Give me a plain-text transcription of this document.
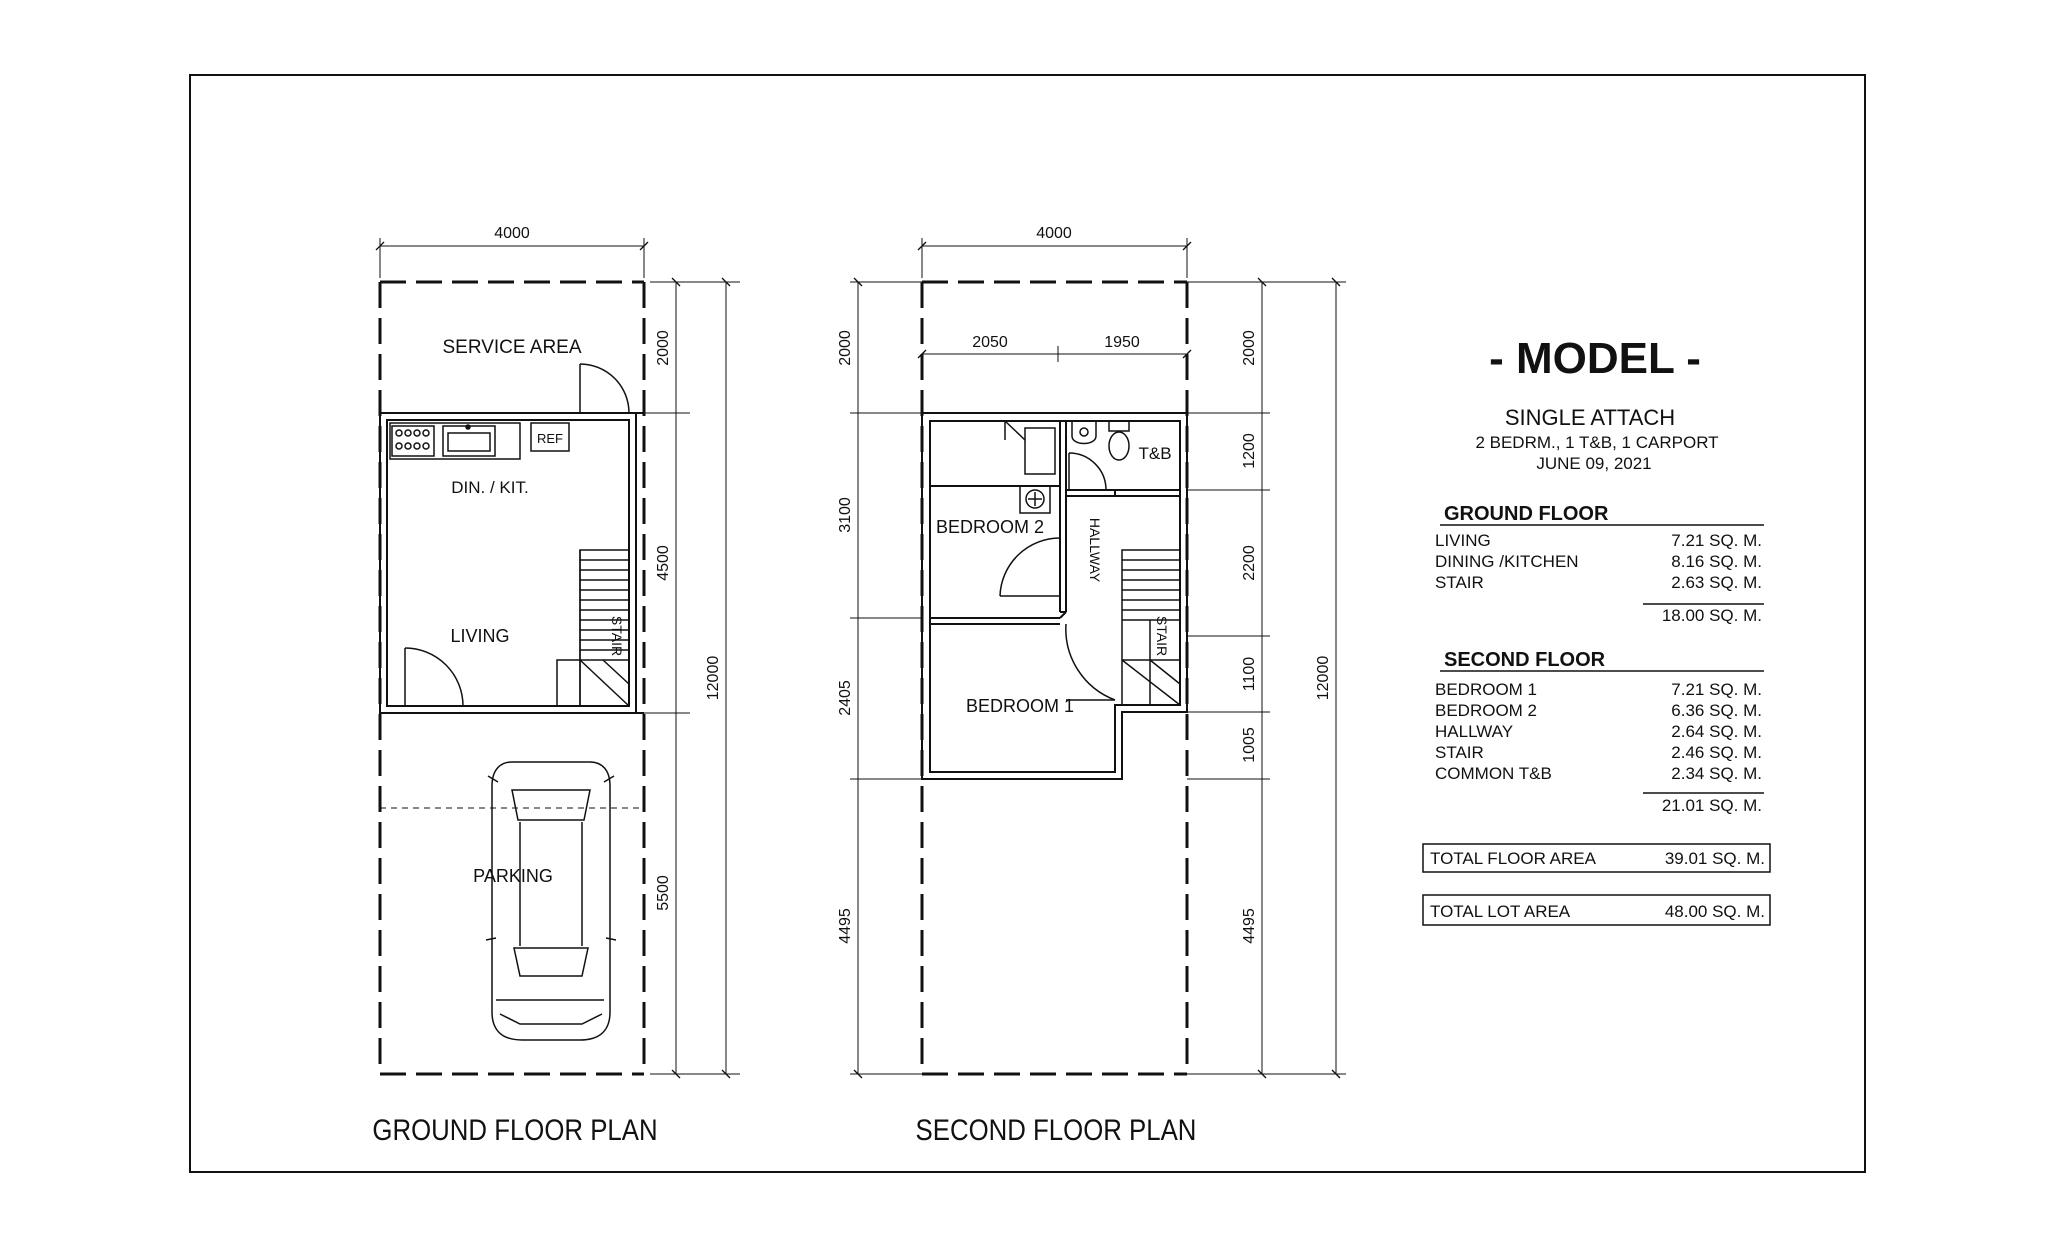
REF
STAIR
SERVICE AREA
DIN. / KIT.
LIVING
PARKING
4000
2000
4500
5500
12000
GROUND FLOOR PLAN
STAIR
T&B
BEDROOM 2	HALLWAY
BEDROOM 1
4000
2050	1950
2000
3100
2405
4495
2000
1200
2200
1100
1005
4495
12000
SECOND FLOOR PLAN
- MODEL -
SINGLE ATTACH
2 BEDRM., 1 T&B, 1 CARPORT
JUNE 09, 2021
GROUND FLOOR
LIVING	7.21 SQ. M.
DINING /KITCHEN	8.16 SQ. M.
STAIR	2.63 SQ. M.
18.00 SQ. M.
SECOND FLOOR
BEDROOM 1	7.21 SQ. M.
BEDROOM 2	6.36 SQ. M.
HALLWAY	2.64 SQ. M.
STAIR	2.46 SQ. M.
COMMON T&B	2.34 SQ. M.
21.01 SQ. M.
TOTAL FLOOR AREA	39.01 SQ. M.
TOTAL LOT AREA	48.00 SQ. M.
